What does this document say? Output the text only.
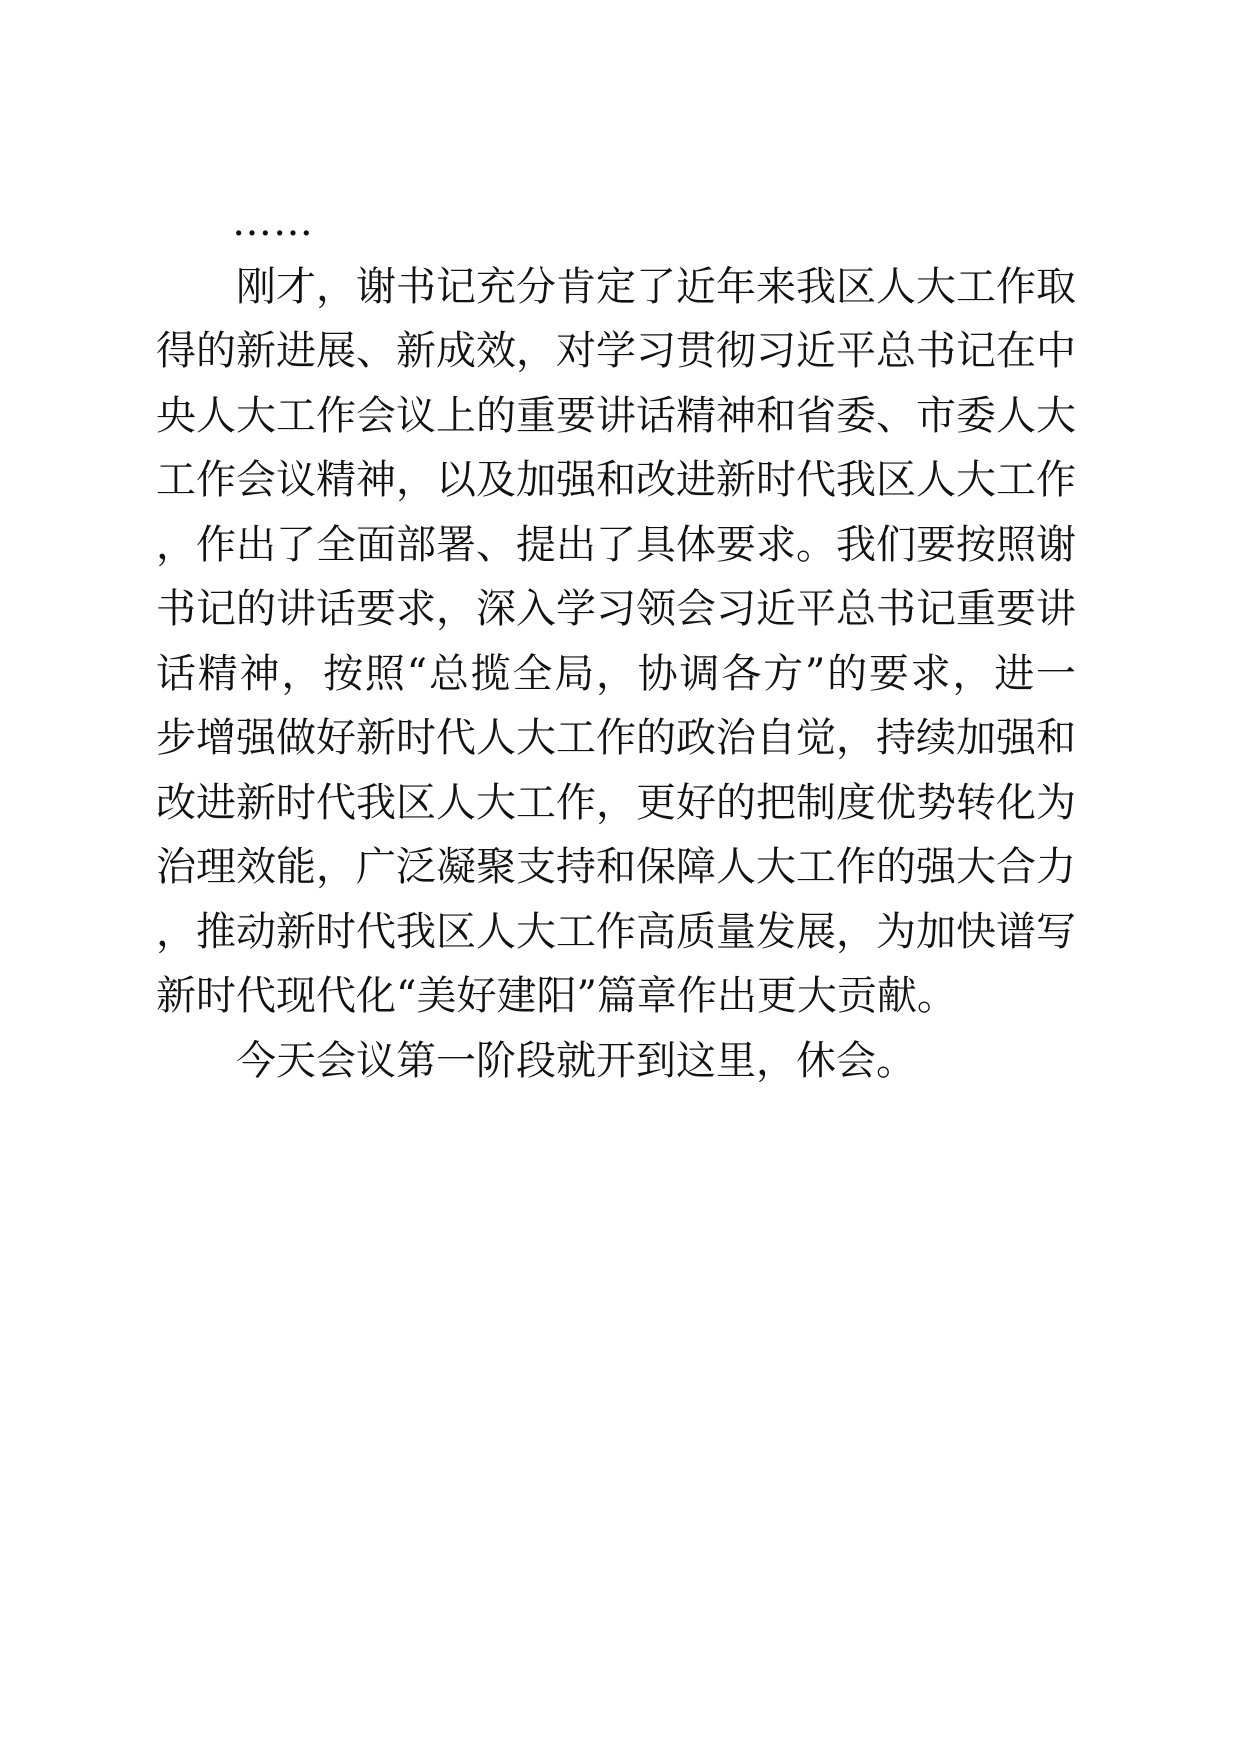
……

刚才，谢书记充分肯定了近年来我区人大工作取得的新进展、新成效，对学习贯彻习近平总书记在中央人大工作会议上的重要讲话精神和省委、市委人大工作会议精神，以及加强和改进新时代我区人大工作，作出了全面部署、提出了具体要求。我们要按照谢书记的讲话要求，深入学习领会习近平总书记重要讲话精神，按照“总揽全局，协调各方”的要求，进一步增强做好新时代人大工作的政治自觉，持续加强和改进新时代我区人大工作，更好的把制度优势转化为治理效能，广泛凝聚支持和保障人大工作的强大合力，推动新时代我区人大工作高质量发展，为加快谱写新时代现代化“美好建阳”篇章作出更大贡献。

今天会议第一阶段就开到这里，休会。
